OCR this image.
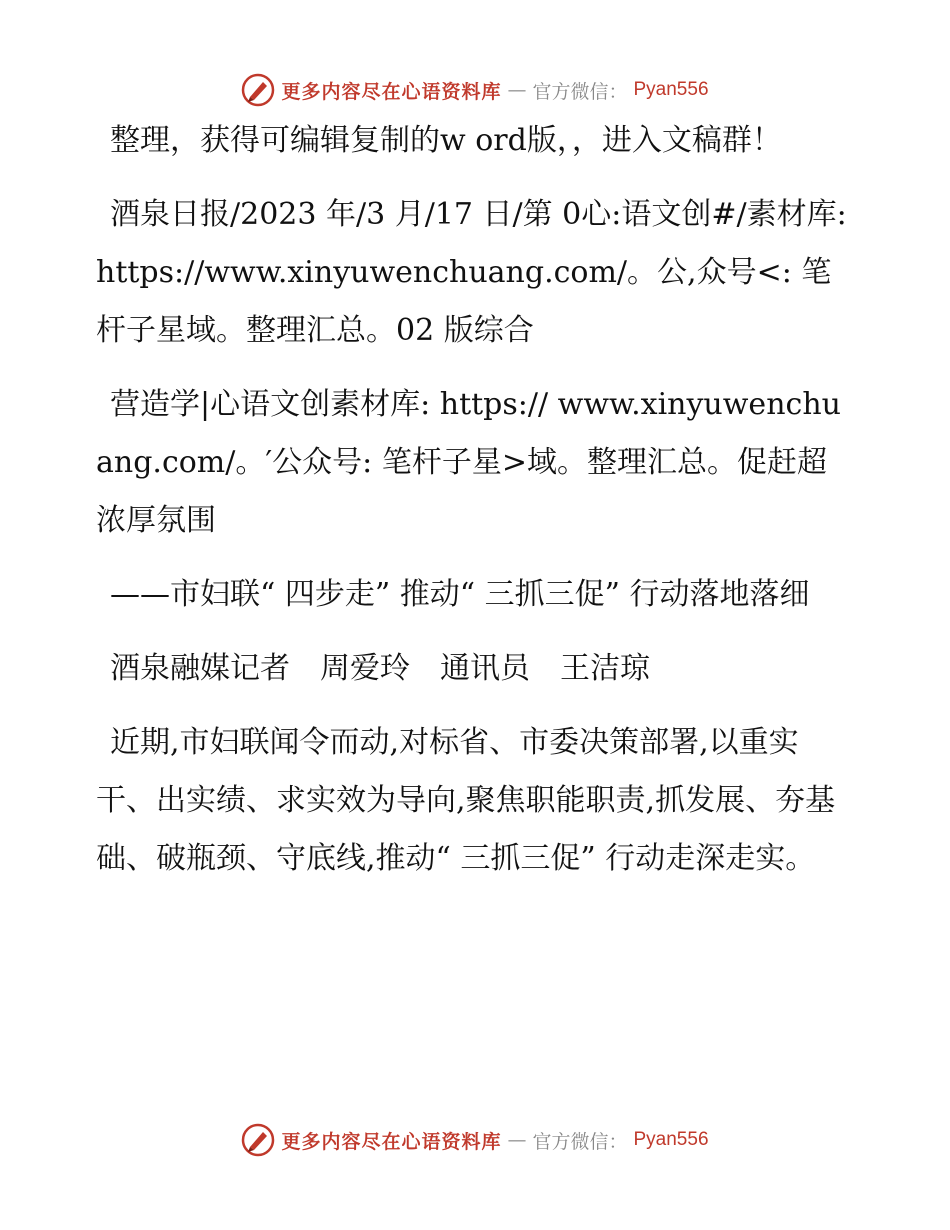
更多内容尽在心语资料库 — 官方微信： Pyan556

整理，获得可编辑复制的w ord版，，进入文稿群！

酒泉日报/2023 年/3 月/17 日/第 0心:语文创#/素材库: https://www.xinyuwenchuang.com/。公,众号<: 笔杆子星域。整理汇总。02 版综合

营造学|心语文创素材库: https:// www.xinyuwenchuang.com/。′公众号: 笔杆子星>域。整理汇总。促赶超浓厚氛围

——市妇联“ 四步走” 推动“ 三抓三促” 行动落地落细

酒泉融媒记者　周爱玲　通讯员　王洁琼

近期,市妇联闻令而动,对标省、市委决策部署,以重实干、出实绩、求实效为导向,聚焦职能职责,抓发展、夯基础、破瓶颈、守底线,推动“ 三抓三促” 行动走深走实。

更多内容尽在心语资料库 — 官方微信： Pyan556
